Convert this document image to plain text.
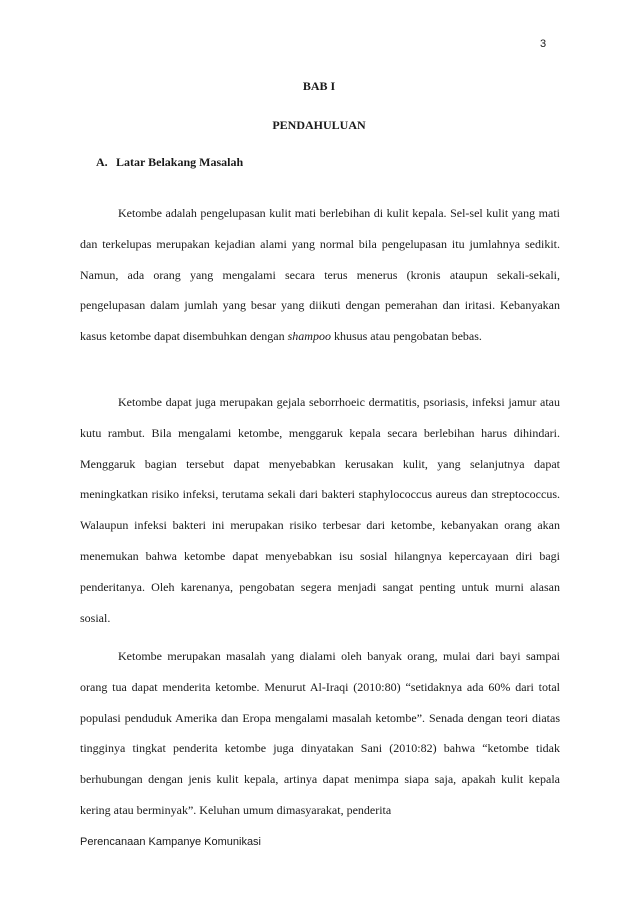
3
BAB I
PENDAHULUAN
A. Latar Belakang Masalah

Ketombe adalah pengelupasan kulit mati berlebihan di kulit kepala. Sel-sel kulit yang mati dan terkelupas merupakan kejadian alami yang normal bila pengelupasan itu jumlahnya sedikit. Namun, ada orang yang mengalami secara terus menerus (kronis ataupun sekali-sekali, pengelupasan dalam jumlah yang besar yang diikuti dengan pemerahan dan iritasi. Kebanyakan kasus ketombe dapat disembuhkan dengan shampoo khusus atau pengobatan bebas.

Ketombe dapat juga merupakan gejala seborrhoeic dermatitis, psoriasis, infeksi jamur atau kutu rambut. Bila mengalami ketombe, menggaruk kepala secara berlebihan harus dihindari. Menggaruk bagian tersebut dapat menyebabkan kerusakan kulit, yang selanjutnya dapat meningkatkan risiko infeksi, terutama sekali dari bakteri staphylococcus aureus dan streptococcus. Walaupun infeksi bakteri ini merupakan risiko terbesar dari ketombe, kebanyakan orang akan menemukan bahwa ketombe dapat menyebabkan isu sosial hilangnya kepercayaan diri bagi penderitanya. Oleh karenanya, pengobatan segera menjadi sangat penting untuk murni alasan sosial.

Ketombe merupakan masalah yang dialami oleh banyak orang, mulai dari bayi sampai orang tua dapat menderita ketombe. Menurut Al-Iraqi (2010:80) “setidaknya ada 60% dari total populasi penduduk Amerika dan Eropa mengalami masalah ketombe”. Senada dengan teori diatas tingginya tingkat penderita ketombe juga dinyatakan Sani (2010:82) bahwa “ketombe tidak berhubungan dengan jenis kulit kepala, artinya dapat menimpa siapa saja, apakah kulit kepala kering atau berminyak”. Keluhan umum dimasyarakat, penderita

Perencanaan Kampanye Komunikasi
